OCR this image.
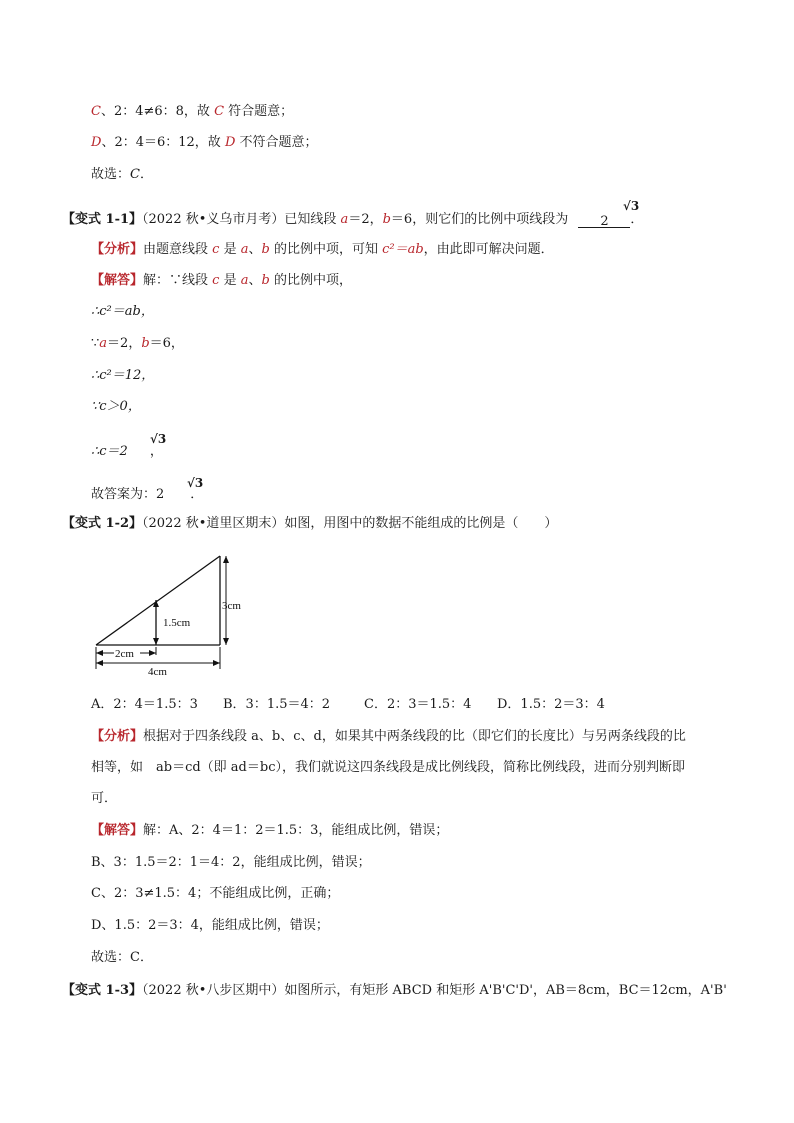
C、2：4≠6：8，故 C 符合题意；
D、2：4＝6：12，故 D 不符合题意；
故选：C．
【变式 1-1】（2022 秋•义乌市月考）已知线段 a＝2，b＝6，则它们的比例中项线段为 2 ．
√3
【分析】由题意线段 c 是 a、b 的比例中项，可知 c²＝ab，由此即可解决问题．
【解答】解：∵线段 c 是 a、b 的比例中项，
∴c²＝ab，
∵a＝2，b＝6，
∴c²＝12，
∵c＞0，
∴c＝2 ，
√3
故答案为：2 ．
√3
【变式 1-2】（2022 秋•道里区期末）如图，用图中的数据不能组成的比例是（　　）
1.5cm
3cm
2cm
4cm
A．2：4＝1.5：3 B．3：1.5＝4：2	C．2：3＝1.5：4 D．1.5：2＝3：4
【分析】根据对于四条线段 a、b、c、d，如果其中两条线段的比（即它们的长度比）与另两条线段的比
相等，如　ab＝cd（即 ad＝bc），我们就说这四条线段是成比例线段，简称比例线段，进而分别判断即
可．
【解答】解：A、2：4＝1：2＝1.5：3，能组成比例，错误；
B、3：1.5＝2：1＝4：2，能组成比例，错误；
C、2：3≠1.5：4；不能组成比例，正确；
D、1.5：2＝3：4，能组成比例，错误；
故选：C．
【变式 1-3】（2022 秋•八步区期中）如图所示，有矩形 ABCD 和矩形 A'B'C'D'，AB＝8cm，BC＝12cm，A'B'
